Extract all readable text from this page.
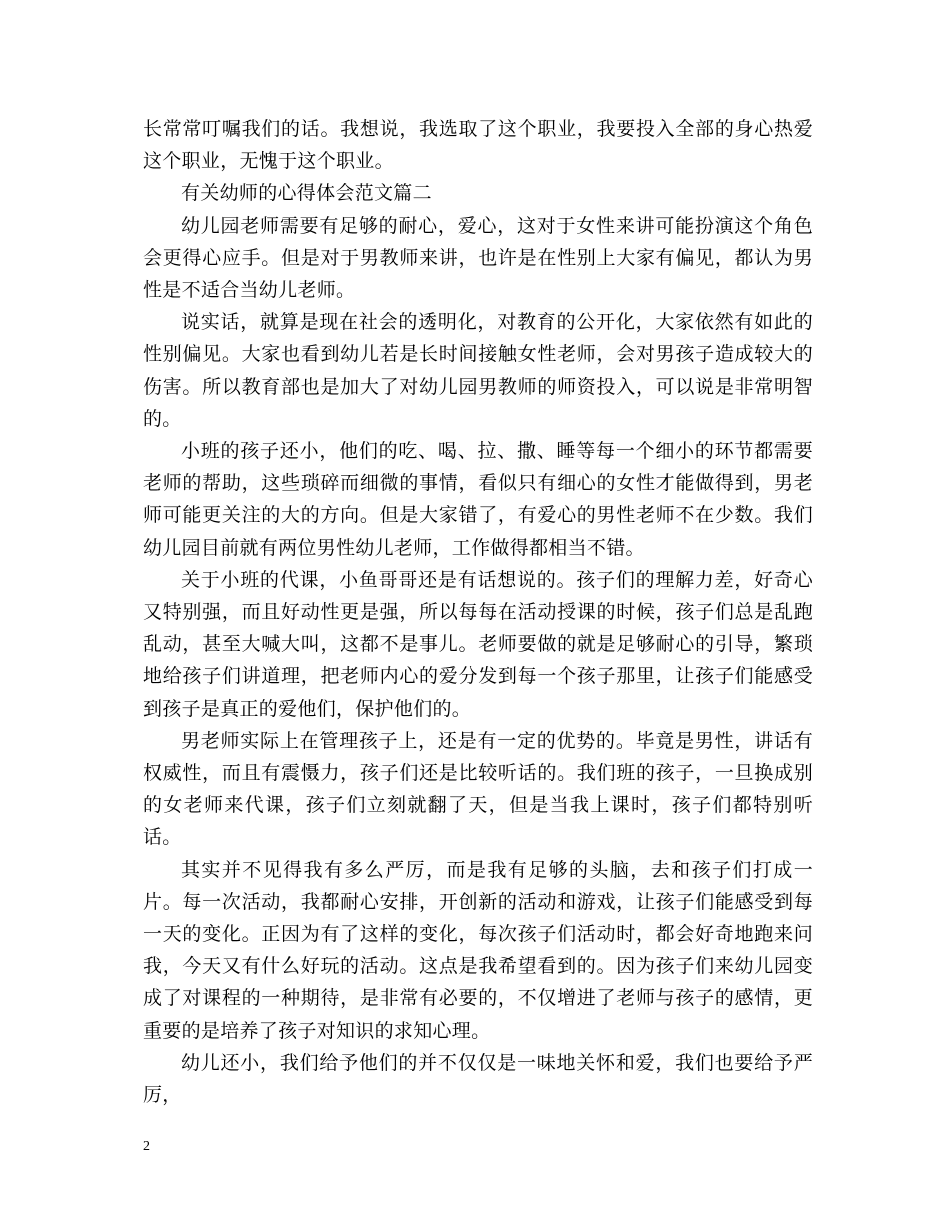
长常常叮嘱我们的话。我想说，我选取了这个职业，我要投入全部的身心热爱这个职业，无愧于这个职业。

有关幼师的心得体会范文篇二

幼儿园老师需要有足够的耐心，爱心，这对于女性来讲可能扮演这个角色会更得心应手。但是对于男教师来讲，也许是在性别上大家有偏见，都认为男性是不适合当幼儿老师。

说实话，就算是现在社会的透明化，对教育的公开化，大家依然有如此的性别偏见。大家也看到幼儿若是长时间接触女性老师，会对男孩子造成较大的伤害。所以教育部也是加大了对幼儿园男教师的师资投入，可以说是非常明智的。

小班的孩子还小，他们的吃、喝、拉、撒、睡等每一个细小的环节都需要老师的帮助，这些琐碎而细微的事情，看似只有细心的女性才能做得到，男老师可能更关注的大的方向。但是大家错了，有爱心的男性老师不在少数。我们幼儿园目前就有两位男性幼儿老师，工作做得都相当不错。

关于小班的代课，小鱼哥哥还是有话想说的。孩子们的理解力差，好奇心又特别强，而且好动性更是强，所以每每在活动授课的时候，孩子们总是乱跑乱动，甚至大喊大叫，这都不是事儿。老师要做的就是足够耐心的引导，繁琐地给孩子们讲道理，把老师内心的爱分发到每一个孩子那里，让孩子们能感受到孩子是真正的爱他们，保护他们的。

男老师实际上在管理孩子上，还是有一定的优势的。毕竟是男性，讲话有权威性，而且有震慑力，孩子们还是比较听话的。我们班的孩子，一旦换成别的女老师来代课，孩子们立刻就翻了天，但是当我上课时，孩子们都特别听话。

其实并不见得我有多么严厉，而是我有足够的头脑，去和孩子们打成一片。每一次活动，我都耐心安排，开创新的活动和游戏，让孩子们能感受到每一天的变化。正因为有了这样的变化，每次孩子们活动时，都会好奇地跑来问我，今天又有什么好玩的活动。这点是我希望看到的。因为孩子们来幼儿园变成了对课程的一种期待，是非常有必要的，不仅增进了老师与孩子的感情，更重要的是培养了孩子对知识的求知心理。

幼儿还小，我们给予他们的并不仅仅是一味地关怀和爱，我们也要给予严厉，

2
